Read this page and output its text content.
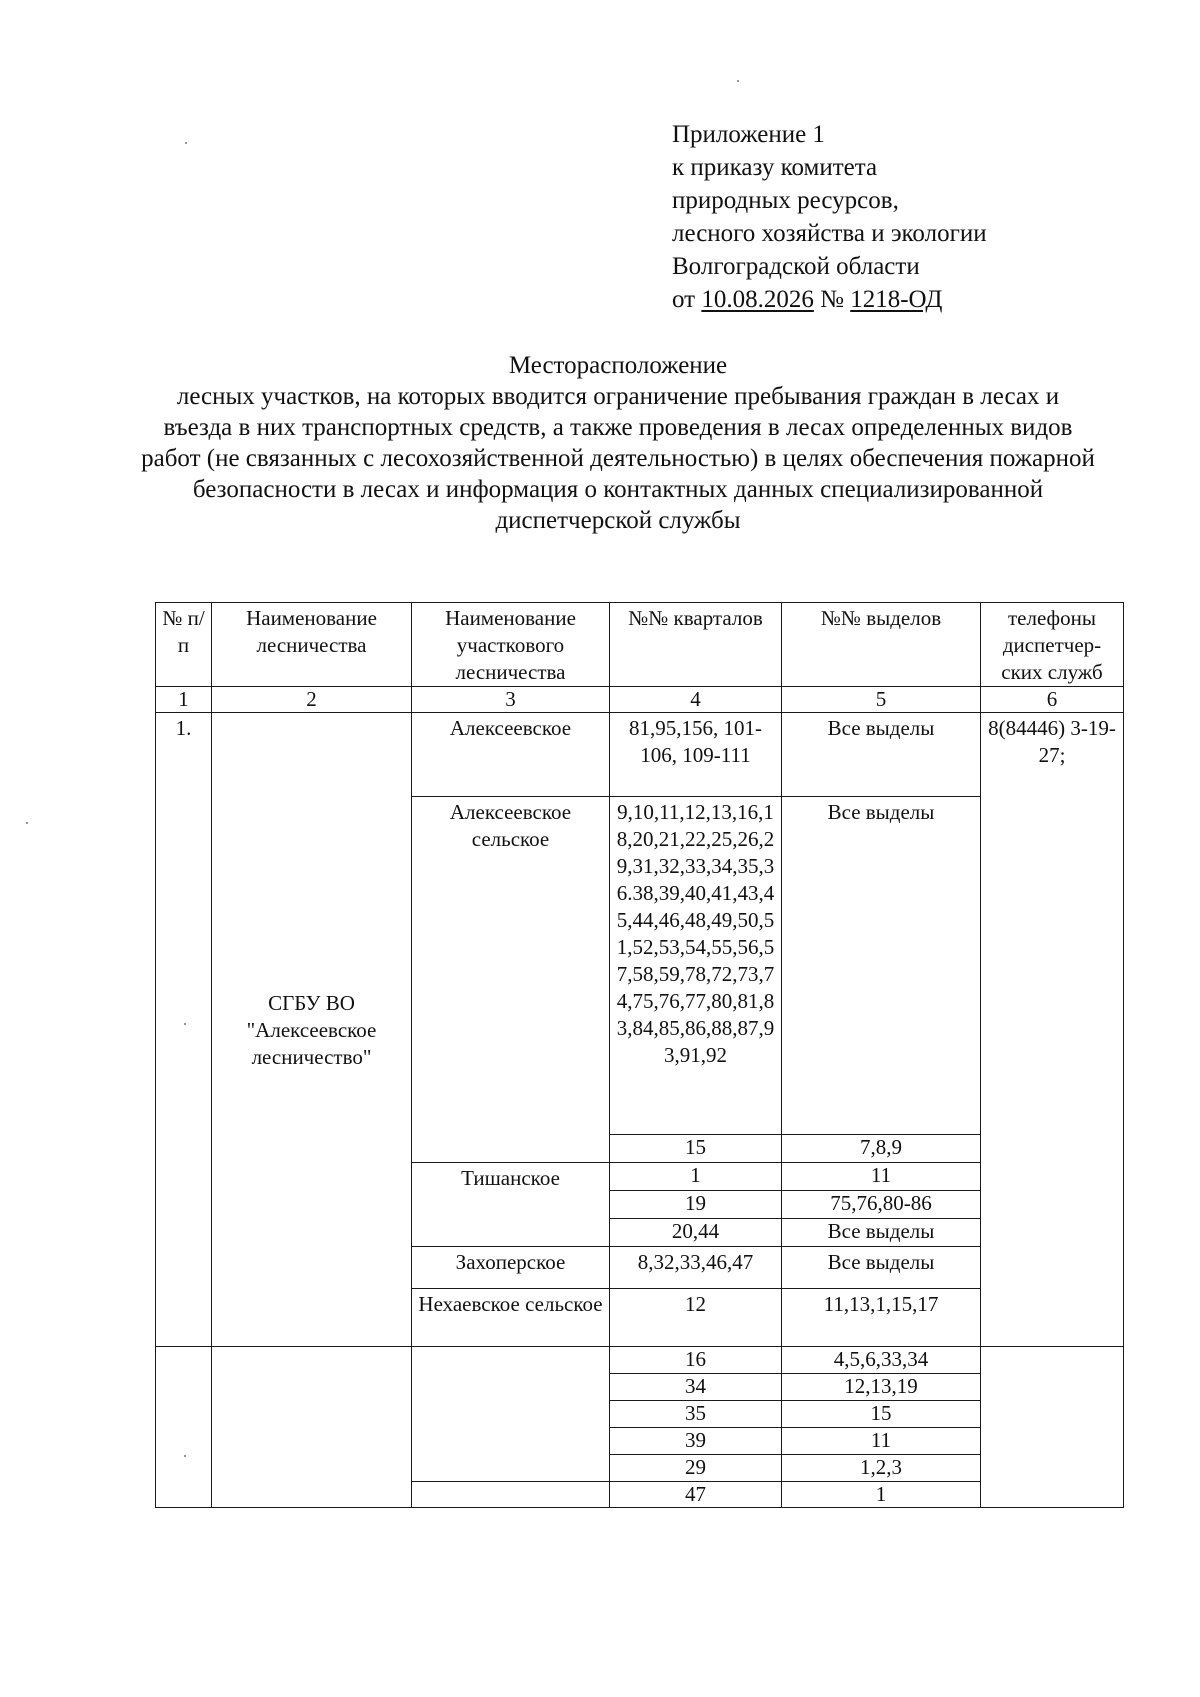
Приложение 1
к приказу комитета
природных ресурсов,
лесного хозяйства и экологии
Волгоградской области
от 10.08.2026 № 1218-ОД
Месторасположение
лесных участков, на которых вводится ограничение пребывания граждан в лесах и въезда в них транспортных средств, а также проведения в лесах определенных видов работ (не связанных с лесохозяйственной деятельностью) в целях обеспечения пожарной безопасности в лесах и информация о контактных данных специализированной диспетчерской службы
№ п/п	Наименование лесничества	Наименование участкового лесничества	№№ кварталов	№№ выделов	телефоны диспетчер-ских служб
1	2	3	4	5	6
1.	СГБУ ВО "Алексеевское лесничество"	Алексеевское	81,95,156, 101-106, 109-111	Все выделы	8(84446) 3-19-27;
		Алексеевское сельское	9,10,11,12,13,16,18,20,21,22,25,26,29,31,32,33,34,35,36.38,39,40,41,43,45,44,46,48,49,50,51,52,53,54,55,56,57,58,59,78,72,73,74,75,76,77,80,81,83,84,85,86,88,87,93,91,92	Все выделы	
			15	7,8,9	
		Тишанское	1	11	
			19	75,76,80-86	
			20,44	Все выделы	
		Захоперское	8,32,33,46,47	Все выделы	
		Нехаевское сельское	12	11,13,1,15,17	
			16	4,5,6,33,34	
			34	12,13,19	
			35	15	
			39	11	
			29	1,2,3	
			47	1	
